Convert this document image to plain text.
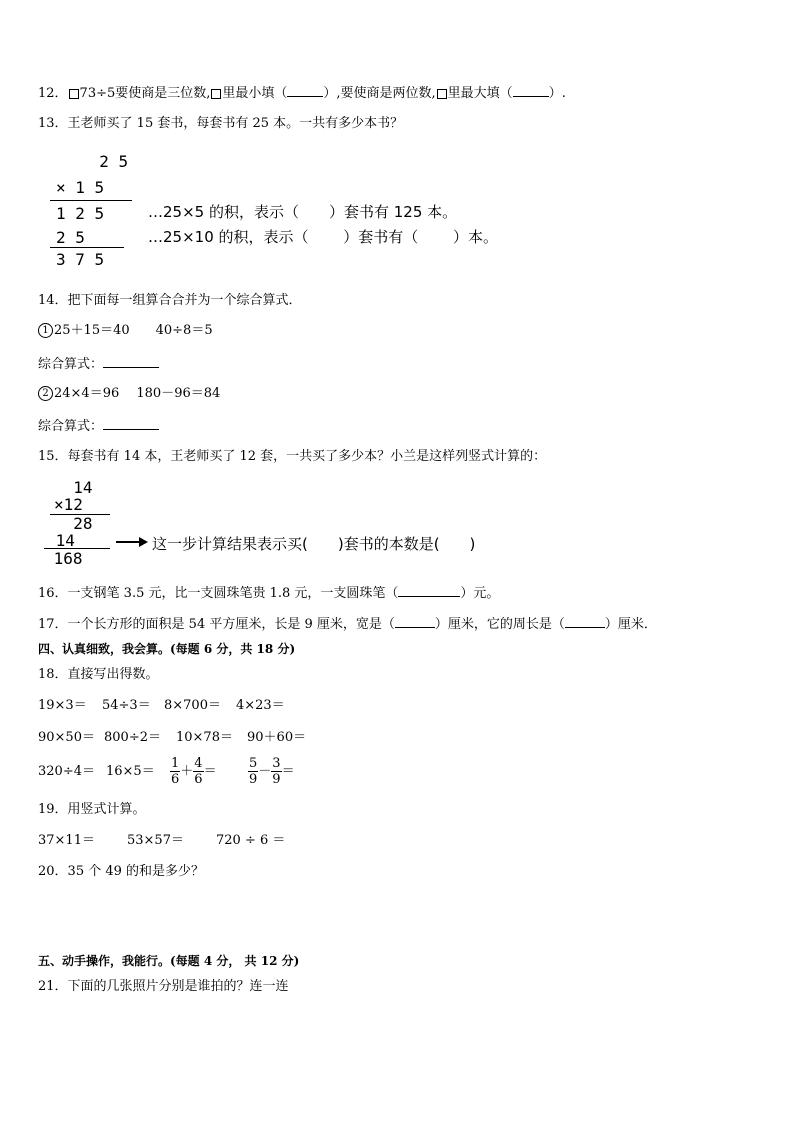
12． 73÷5要使商是三位数, 里最小填（	）,要使商是两位数, 里最大填（	）.
13．王老师买了 15 套书，每套书有 25 本。一共有多少本书？
2 5
× 1 5
1 2 5
2 5
3 7 5
…25×5 的积，表示（　　）套书有 125 本。
…25×10 的积，表示（　　 ）套书有（　　 ）本。
14．把下面每一组算合合并为一个综合算式．
1 25＋15＝40　　40÷8＝5
综合算式：
2 24×4＝96　 180－96＝84
综合算式：
15．每套书有 14 本，王老师买了 12 套，一共买了多少本？小兰是这样列竖式计算的：
14
×12
28
14
168
这一步计算结果表示买(　　)套书的本数是(　　)
16．一支钢笔 3.5 元，比一支圆珠笔贵 1.8 元，一支圆珠笔（	）元。
17．一个长方形的面积是 54 平方厘米，长是 9 厘米，宽是（	）厘米，它的周长是（	）厘米．
四、认真细致，我会算。(每题 6 分，共 18 分)
18．直接写出得数。
19×3＝ 54÷3＝ 8×700＝ 4×23＝
90×50＝ 800÷2＝ 10×78＝ 90＋60＝
$320\div 4= 16\times 5= \frac{1}{6} + \frac{4}{6} = \frac{5}{9} - \frac{3}{9}$ ＝
19．用竖式计算。
37×11＝ 53×57＝ 720 ÷ 6 ＝
20．35 个 49 的和是多少？
五、动手操作，我能行。(每题 4 分， 共 12 分)
21．下面的几张照片分别是谁拍的？连一连
